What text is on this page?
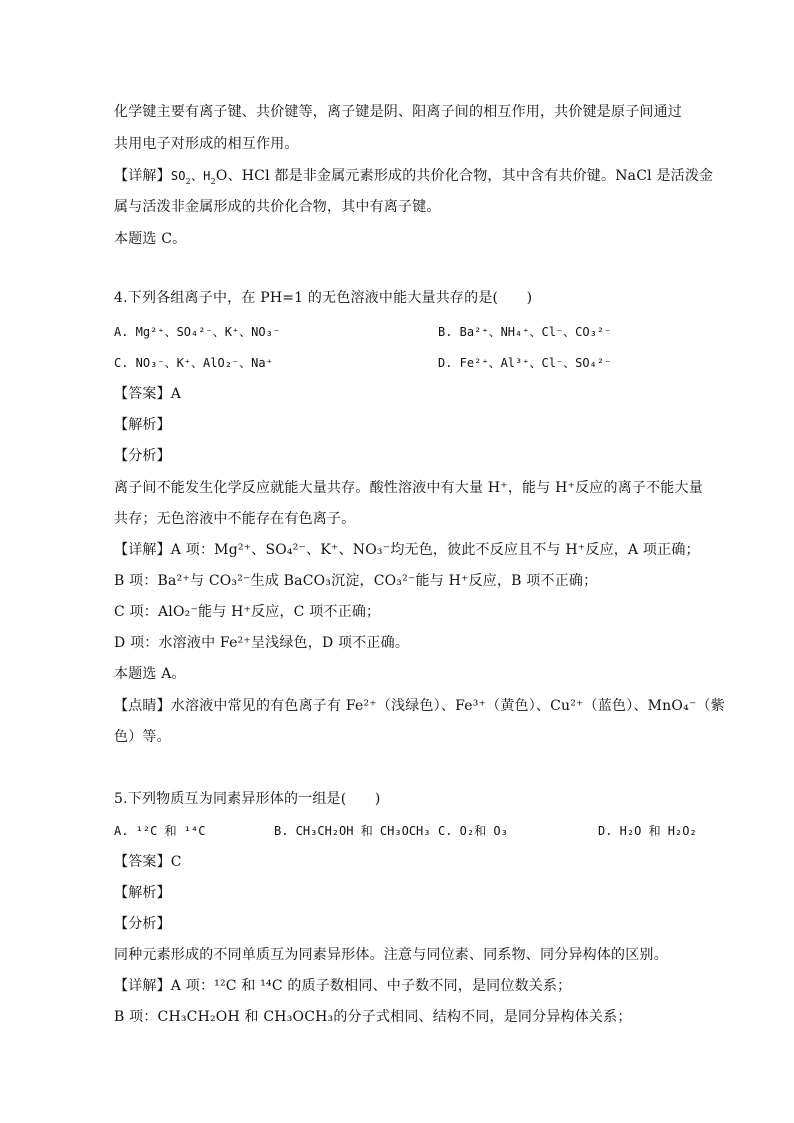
化学键主要有离子键、共价键等，离子键是阴、阳离子间的相互作用，共价键是原子间通过
共用电子对形成的相互作用。
【详解】$SO_2$、$H_2O$、HCl 都是非金属元素形成的共价化合物，其中含有共价键。NaCl 是活泼金
属与活泼非金属形成的共价化合物，其中有离子键。
本题选 C。
4.下列各组离子中，在 PH=1 的无色溶液中能大量共存的是(　　)
A. Mg²⁺、SO₄²⁻、K⁺、NO₃⁻	B. Ba²⁺、NH₄⁺、Cl⁻、CO₃²⁻
C. NO₃⁻、K⁺、AlO₂⁻、Na⁺	D. Fe²⁺、Al³⁺、Cl⁻、SO₄²⁻
【答案】A
【解析】
【分析】
离子间不能发生化学反应就能大量共存。酸性溶液中有大量 H⁺，能与 H⁺反应的离子不能大量
共存；无色溶液中不能存在有色离子。
【详解】A 项：Mg²⁺、SO₄²⁻、K⁺、NO₃⁻均无色，彼此不反应且不与 H⁺反应，A 项正确；
B 项：Ba²⁺与 CO₃²⁻生成 BaCO₃沉淀，CO₃²⁻能与 H⁺反应，B 项不正确；
C 项：AlO₂⁻能与 H⁺反应，C 项不正确；
D 项：水溶液中 Fe²⁺呈浅绿色，D 项不正确。
本题选 A。
【点睛】水溶液中常见的有色离子有 Fe²⁺（浅绿色）、Fe³⁺（黄色）、Cu²⁺（蓝色）、MnO₄⁻（紫
色）等。
5.下列物质互为同素异形体的一组是(　　)
A. ¹²C 和 ¹⁴C	B. CH₃CH₂OH 和 CH₃OCH₃ C. O₂和 O₃	D. H₂O 和 H₂O₂
【答案】C
【解析】
【分析】
同种元素形成的不同单质互为同素异形体。注意与同位素、同系物、同分异构体的区别。
【详解】A 项：¹²C 和 ¹⁴C 的质子数相同、中子数不同，是同位数关系；
B 项：CH₃CH₂OH 和 CH₃OCH₃的分子式相同、结构不同，是同分异构体关系；
